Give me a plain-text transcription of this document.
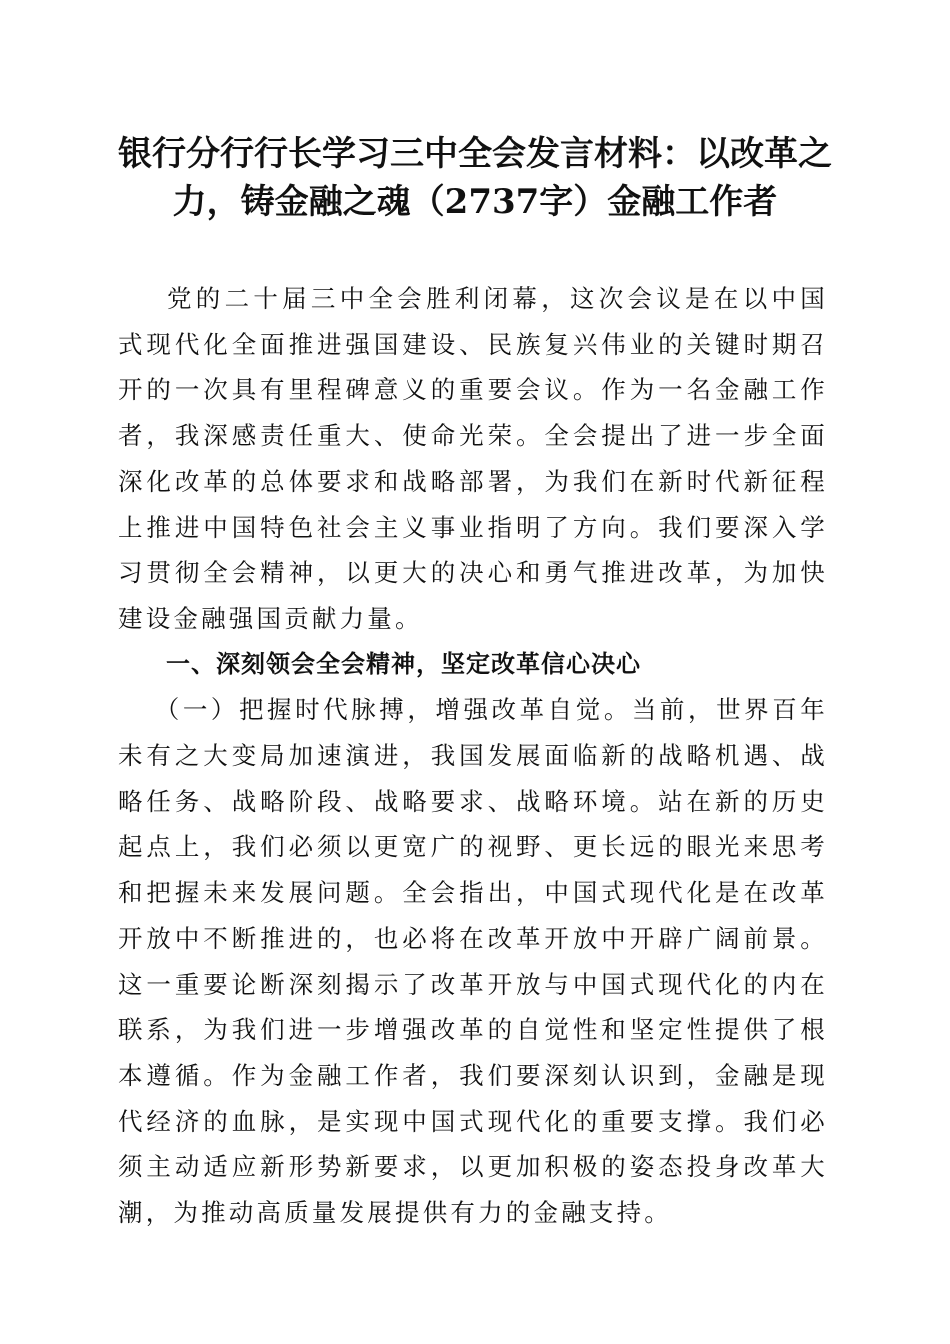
银行分行行长学习三中全会发言材料：以改革之力，铸金融之魂（2737字）金融工作者

党的二十届三中全会胜利闭幕，这次会议是在以中国式现代化全面推进强国建设、民族复兴伟业的关键时期召开的一次具有里程碑意义的重要会议。作为一名金融工作者，我深感责任重大、使命光荣。全会提出了进一步全面深化改革的总体要求和战略部署，为我们在新时代新征程上推进中国特色社会主义事业指明了方向。我们要深入学习贯彻全会精神，以更大的决心和勇气推进改革，为加快建设金融强国贡献力量。

一、深刻领会全会精神，坚定改革信心决心

（一）把握时代脉搏，增强改革自觉。当前，世界百年未有之大变局加速演进，我国发展面临新的战略机遇、战略任务、战略阶段、战略要求、战略环境。站在新的历史起点上，我们必须以更宽广的视野、更长远的眼光来思考和把握未来发展问题。全会指出，中国式现代化是在改革开放中不断推进的，也必将在改革开放中开辟广阔前景。这一重要论断深刻揭示了改革开放与中国式现代化的内在联系，为我们进一步增强改革的自觉性和坚定性提供了根本遵循。作为金融工作者，我们要深刻认识到，金融是现代经济的血脉，是实现中国式现代化的重要支撑。我们必须主动适应新形势新要求，以更加积极的姿态投身改革大潮，为推动高质量发展提供有力的金融支持。
